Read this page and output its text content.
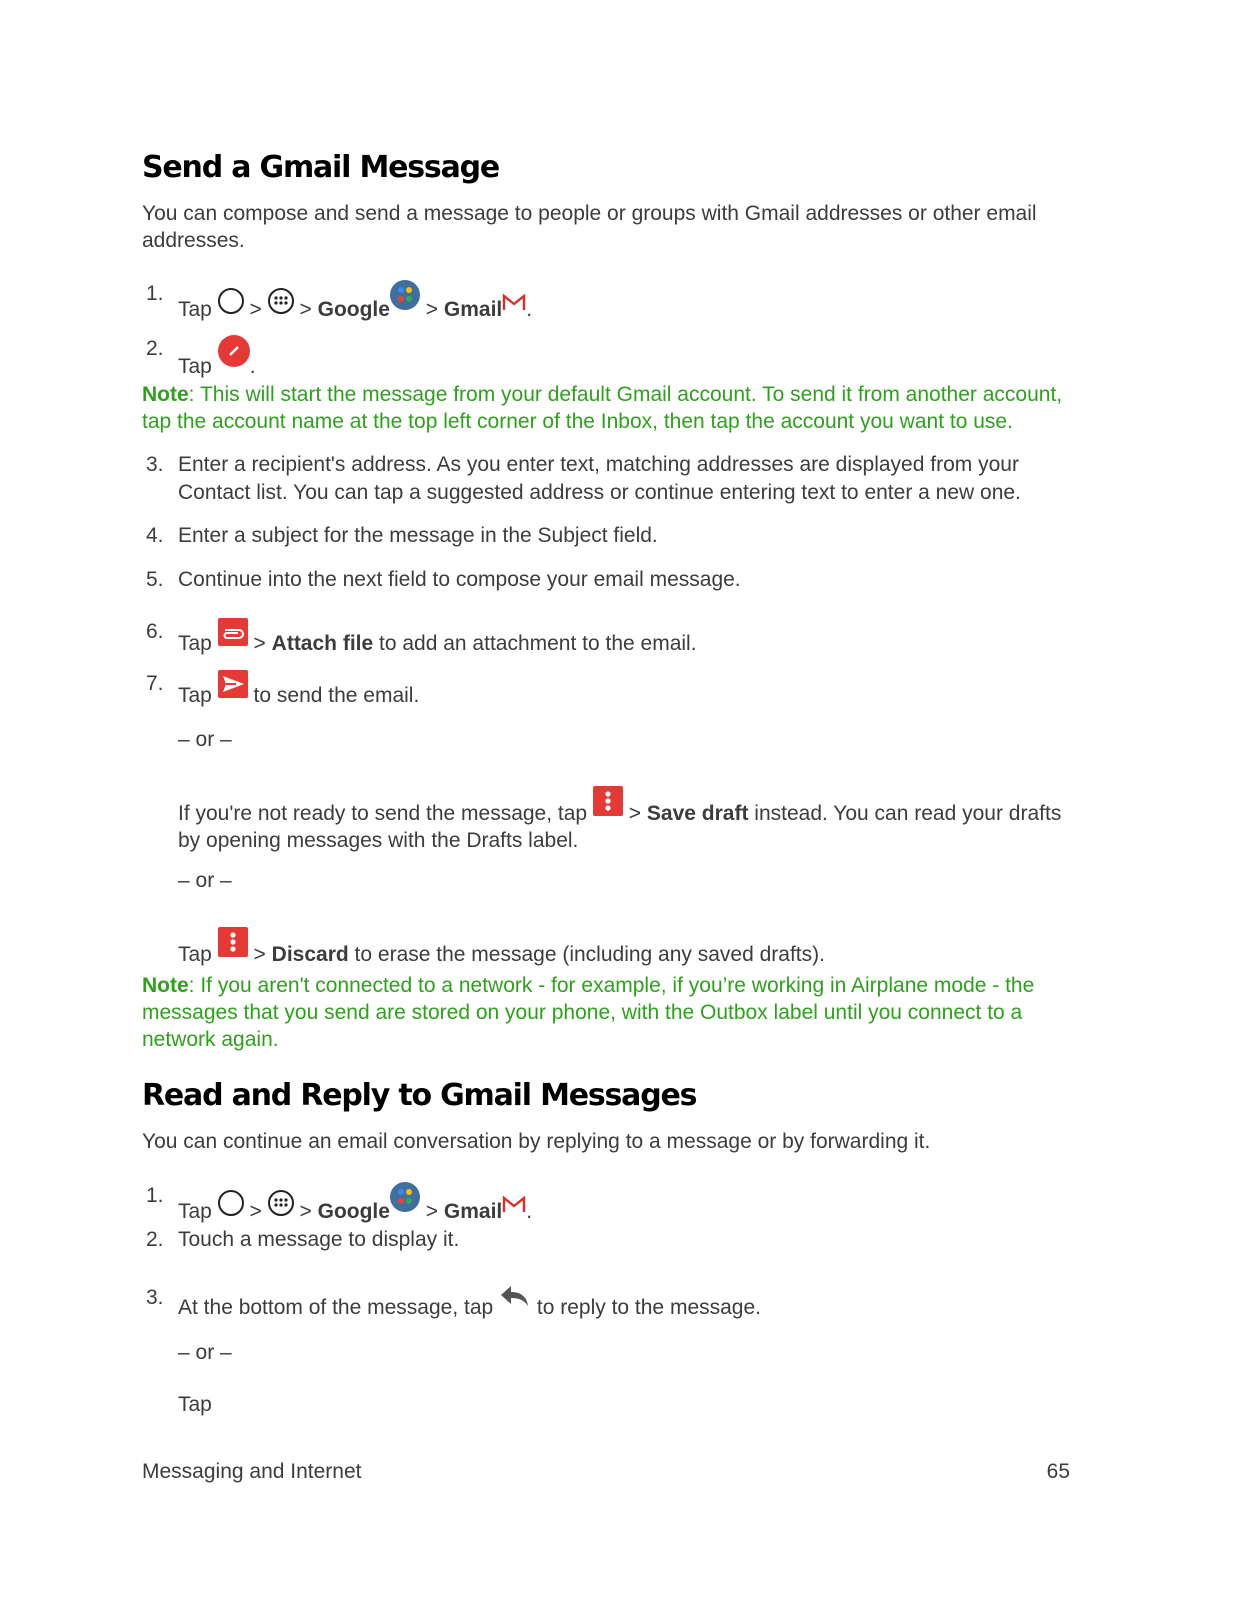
Send a Gmail Message

You can compose and send a message to people or groups with Gmail addresses or other email addresses.

1.
Tap > > Google > Gmail .
2.
Tap .

Note: This will start the message from your default Gmail account. To send it from another account, tap the account name at the top left corner of the Inbox, then tap the account you want to use.

3. Enter a recipient's address. As you enter text, matching addresses are displayed from your Contact list. You can tap a suggested address or continue entering text to enter a new one.
4. Enter a subject for the message in the Subject field.
5. Continue into the next field to compose your email message.
6.
Tap > Attach file to add an attachment to the email.
7.
Tap to send the email.
– or –
If you're not ready to send the message, tap > Save draft instead. You can read your drafts by opening messages with the Drafts label.
– or –
Tap > Discard to erase the message (including any saved drafts).

Note: If you aren't connected to a network - for example, if you’re working in Airplane mode - the messages that you send are stored on your phone, with the Outbox label until you connect to a network again.

Read and Reply to Gmail Messages

You can continue an email conversation by replying to a message or by forwarding it.

1.
Tap > > Google > Gmail .
2. Touch a message to display it.
3. At the bottom of the message, tap to reply to the message.
– or –
Tap
Messaging and Internet	65
